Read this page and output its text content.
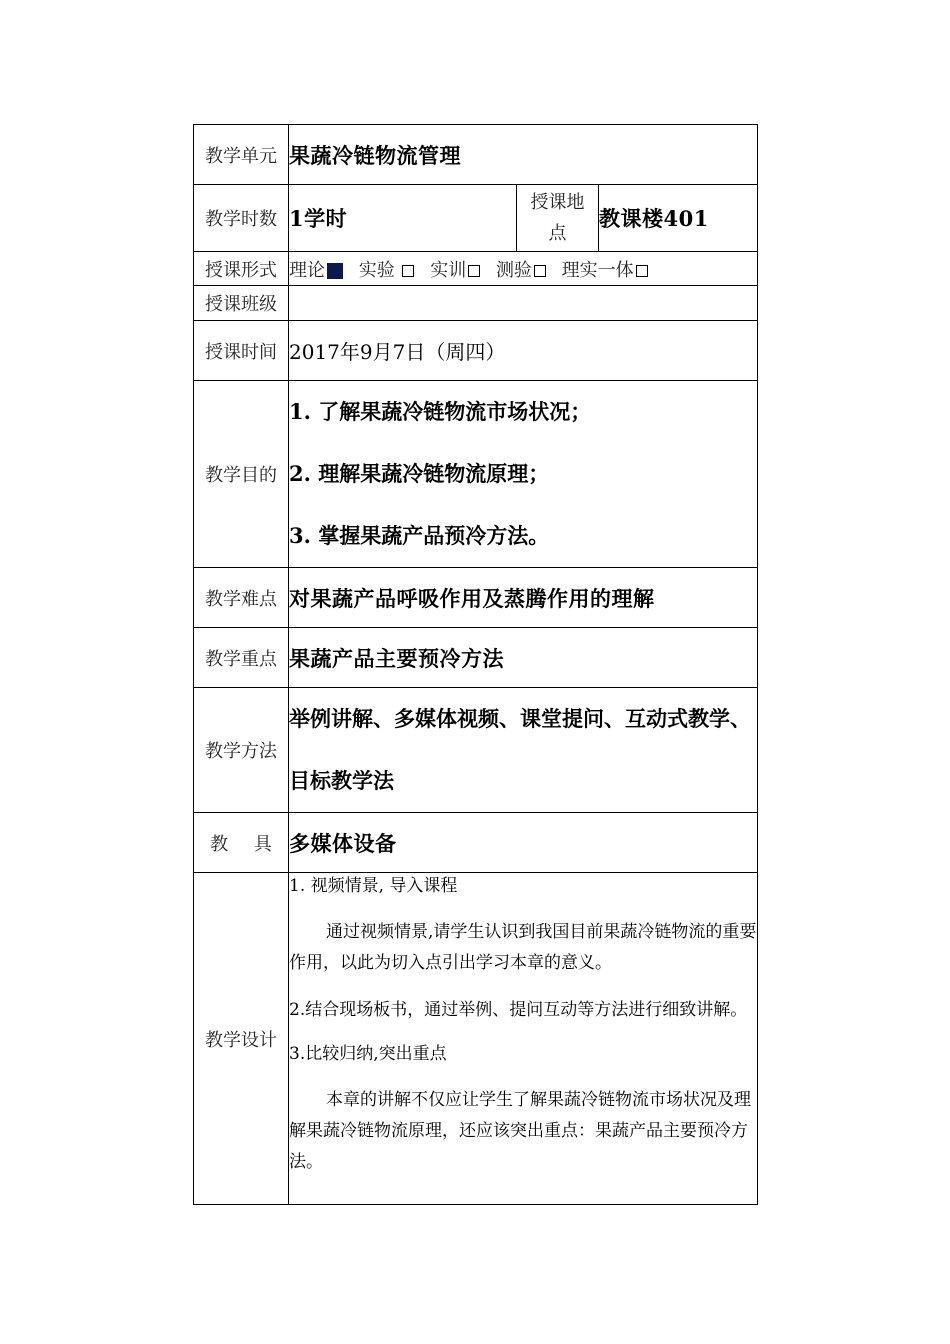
教学单元	果蔬冷链物流管理		
教学时数	1学时	授课地点	教课楼401
授课形式	理论 实验 实训 测验 理实一体		
授课班级			
授课时间	2017年9月7日（周四）		
教学目的	1. 了解果蔬冷链物流市场状况；
2. 理解果蔬冷链物流原理；
3. 掌握果蔬产品预冷方法。		

教学难点	对果蔬产品呼吸作用及蒸腾作用的理解		
教学重点	果蔬产品主要预冷方法		
教学方法	举例讲解、多媒体视频、课堂提问、互动式教学、目标教学法		

教 具	多媒体设备		
教学设计	1. 视频情景, 导入课程

通过视频情景,请学生认识到我国目前果蔬冷链物流的重要作用，以此为切入点引出学习本章的意义。

2.结合现场板书，通过举例、提问互动等方法进行细致讲解。

3.比较归纳,突出重点

本章的讲解不仅应让学生了解果蔬冷链物流市场状况及理解果蔬冷链物流原理，还应该突出重点：果蔬产品主要预冷方法。		
